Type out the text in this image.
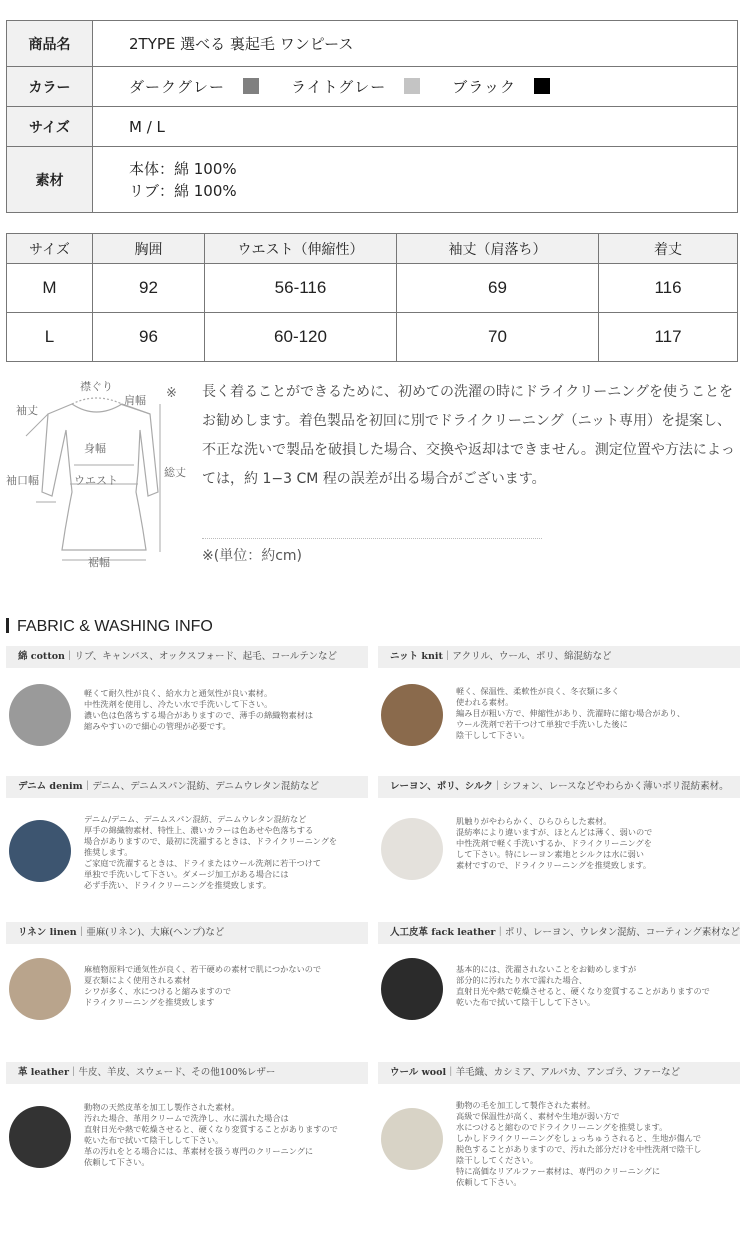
商品名	2TYPE 選べる 裏起毛 ワンピース
カラー	ダークグレー ライトグレー ブラック
サイズ	M / L
素材	本体：綿 100%
リブ：綿 100%
サイズ	胸囲	ウエスト（伸縮性）	袖丈（肩落ち）	着丈
M	92	56-116	69	116
L	96	60-120	70	117
襟ぐり
肩幅
袖丈
身幅
袖口幅	ウエスト
総丈
裾幅
※ 長く着ることができるために、初めての洗濯の時にドライクリーニングを使うことをお勧めします。着色製品を初回に別でドライクリーニング（ニット専用）を提案し、不正な洗いで製品を破損した場合、交換や返却はできません。測定位置や方法によっては，約 1−3 CM 程の誤差が出る場合がございます。
※(単位：約cm)
FABRIC & WASHING INFO
綿 cotton｜リブ、キャンバス、オックスフォード、起毛、コールテンなど
軽くて耐久性が良く、給水力と通気性が良い素材。
中性洗剤を使用し、冷たい水で手洗いして下さい。
濃い色は色落ちする場合がありますので、薄手の綿織物素材は
縮みやすいので細心の管理が必要です。
ニット knit｜アクリル、ウール、ポリ、綿混紡など
軽く、保温性、柔軟性が良く、冬衣類に多く
使われる素材。
編み目が粗い方で、伸縮性があり、洗濯時に縮む場合があり、
ウール洗剤で若干つけて単独で手洗いした後に
陰干しして下さい。
デニム denim｜デニム、デニムスパン混紡、デニムウレタン混紡など
デニム/デニム、デニムスパン混紡、デニムウレタン混紡など
厚手の綿織物素材、特性上、濃いカラーは色あせや色落ちする
場合がありますので、最初に洗濯するときは、ドライクリーニングを
推奨します。
ご家庭で洗濯するときは、ドライまたはウール洗剤に若干つけて
単独で手洗いして下さい。ダメージ加工がある場合には
必ず手洗い、ドライクリーニングを推奨致します。
レーヨン、ポリ、シルク｜シフォン、レースなどやわらかく薄いポリ混紡素材。
肌触りがやわらかく、ひらひらした素材。
混紡率により違いますが、ほとんどは薄く、弱いので
中性洗剤で軽く手洗いするか、ドライクリーニングを
して下さい。特にレーヨン素地とシルクは水に弱い
素材ですので、ドライクリーニングを推奨致します。
リネン linen｜亜麻(リネン)、大麻(ヘンプ)など
麻植物原料で通気性が良く、若干硬めの素材で肌につかないので
夏衣類によく使用される素材
シワが多く、水につけると縮みますので
ドライクリーニングを推奨致します
人工皮革 fack leather｜ポリ、レーヨン、ウレタン混紡、コーティング素材など
基本的には、洗濯されないことをお勧めしますが
部分的に汚れたり水で濡れた場合、
直射日光や熱で乾燥させると、硬くなり変質することがありますので
乾いた布で拭いて陰干しして下さい。
革 leather｜牛皮、羊皮、スウェード、その他100%レザー
動物の天然皮革を加工し製作された素材。
汚れた場合、革用クリームで洗浄し、水に濡れた場合は
直射日光や熱で乾燥させると、硬くなり変質することがありますので
乾いた布で拭いて陰干しして下さい。
革の汚れをとる場合には、革素材を扱う専門のクリーニングに
依頼して下さい。
ウール wool｜羊毛織、カシミア、アルパカ、アンゴラ、ファーなど
動物の毛を加工して製作された素材。
高級で保温性が高く、素材や生地が弱い方で
水につけると縮むのでドライクリーニングを推奨します。
しかしドライクリーニングをしょっちゅうされると、生地が傷んで
脱色することがありますので、汚れた部分だけを中性洗剤で陰干し
陰干ししてください。
特に高価なリアルファー素材は、専門のクリーニングに
依頼して下さい。
